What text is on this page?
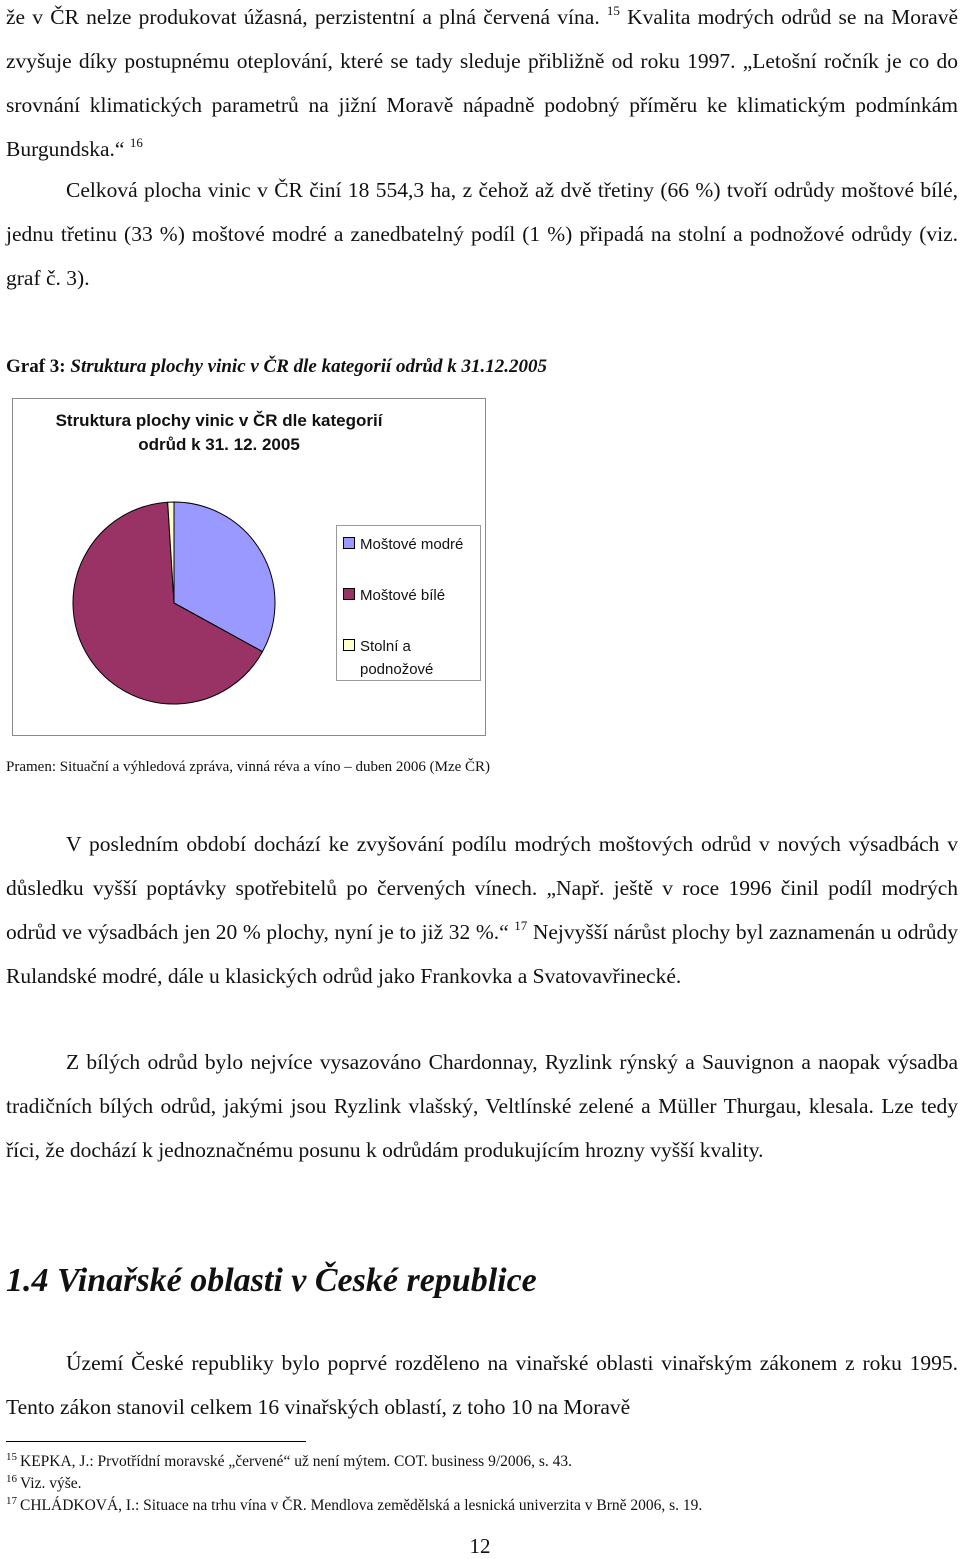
že v ČR nelze produkovat úžasná, perzistentní a plná červená vína. $^{15}$ Kvalita modrých odrůd se na Moravě zvyšuje díky postupnému oteplování, které se tady sleduje přibližně od roku 1997. „Letošní ročník je co do srovnání klimatických parametrů na jižní Moravě nápadně podobný příměru ke klimatickým podmínkám Burgundska.“ $^{16}$

Celková plocha vinic v ČR činí 18 554,3 ha, z čehož až dvě třetiny (66 %) tvoří odrůdy moštové bílé, jednu třetinu (33 %) moštové modré a zanedbatelný podíl (1 %) připadá na stolní a podnožové odrůdy (viz. graf č. 3).

Graf 3: Struktura plochy vinic v ČR dle kategorií odrůd k 31.12.2005
Struktura plochy vinic v ČR dle kategorií
odrůd k 31. 12. 2005
Moštové modré
Moštové bílé
Stolní a
podnožové
Pramen: Situační a výhledová zpráva, vinná réva a víno – duben 2006 (Mze ČR)

V posledním období dochází ke zvyšování podílu modrých moštových odrůd v nových výsadbách v důsledku vyšší poptávky spotřebitelů po červených vínech. „Např. ještě v roce 1996 činil podíl modrých odrůd ve výsadbách jen 20 % plochy, nyní je to již 32 %.“ $^{17}$ Nejvyšší nárůst plochy byl zaznamenán u odrůdy Rulandské modré, dále u klasických odrůd jako Frankovka a Svatovavřinecké.

Z bílých odrůd bylo nejvíce vysazováno Chardonnay, Ryzlink rýnský a Sauvignon a naopak výsadba tradičních bílých odrůd, jakými jsou Ryzlink vlašský, Veltlínské zelené a Müller Thurgau, klesala. Lze tedy říci, že dochází k jednoznačnému posunu k odrůdám produkujícím hrozny vyšší kvality.

1.4 Vinařské oblasti v České republice

Území České republiky bylo poprvé rozděleno na vinařské oblasti vinařským zákonem z roku 1995. Tento zákon stanovil celkem 16 vinařských oblastí, z toho 10 na Moravě

$^{15}$ KEPKA, J.: Prvotřídní moravské „červené“ už není mýtem. COT. business 9/2006, s. 43.
$^{16}$ Viz. výše.
$^{17}$ CHLÁDKOVÁ, I.: Situace na trhu vína v ČR. Mendlova zemědělská a lesnická univerzita v Brně 2006, s. 19.
12
